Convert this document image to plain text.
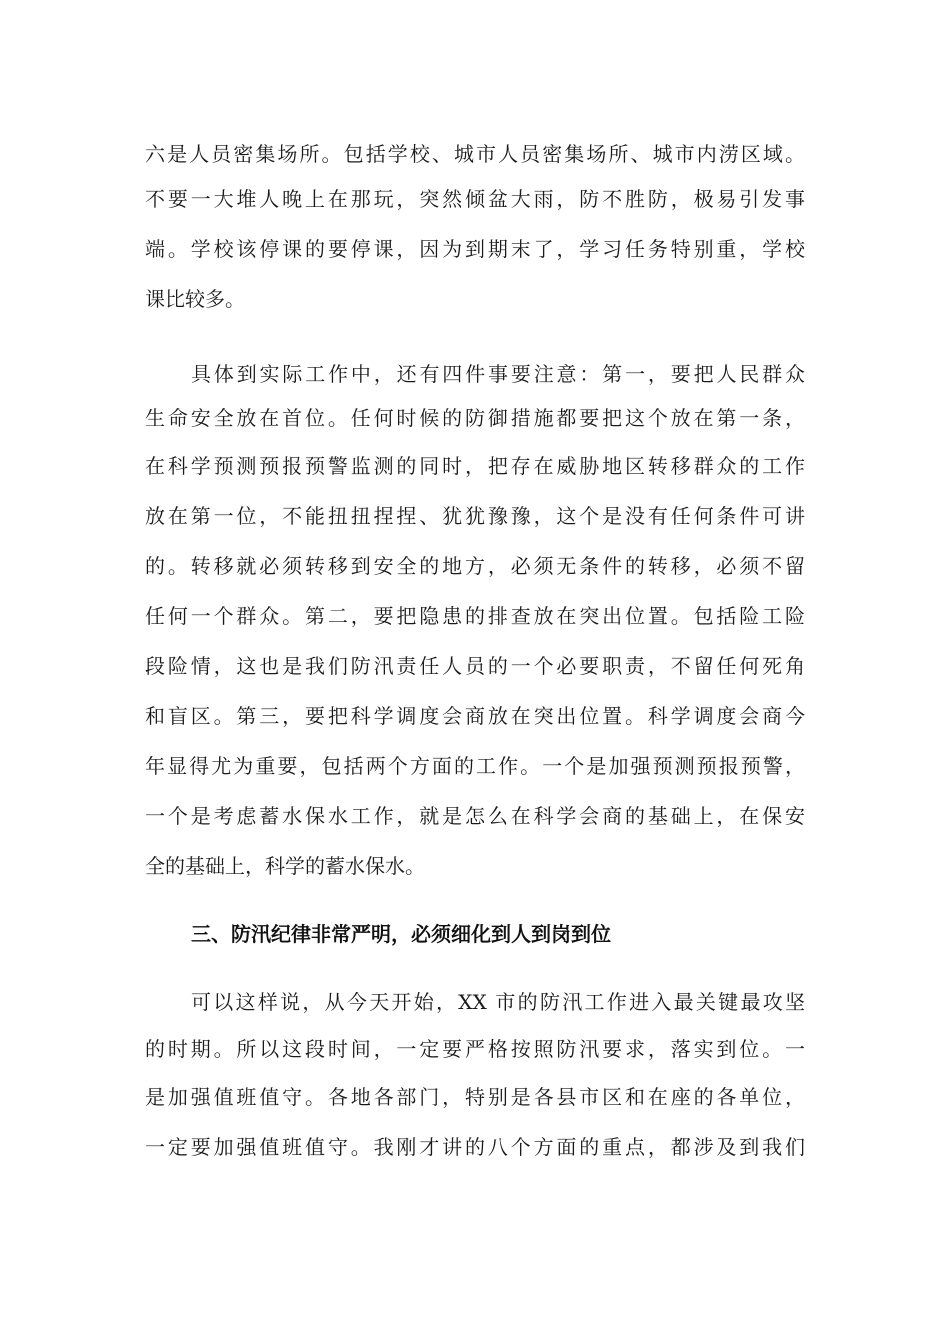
六是人员密集场所。包括学校、城市人员密集场所、城市内涝区域。
不要一大堆人晚上在那玩，突然倾盆大雨，防不胜防，极易引发事
端。学校该停课的要停课，因为到期末了，学习任务特别重，学校
课比较多。
具体到实际工作中，还有四件事要注意：第一，要把人民群众
生命安全放在首位。任何时候的防御措施都要把这个放在第一条，
在科学预测预报预警监测的同时，把存在威胁地区转移群众的工作
放在第一位，不能扭扭捏捏、犹犹豫豫，这个是没有任何条件可讲
的。转移就必须转移到安全的地方，必须无条件的转移，必须不留
任何一个群众。第二，要把隐患的排查放在突出位置。包括险工险
段险情，这也是我们防汛责任人员的一个必要职责，不留任何死角
和盲区。第三，要把科学调度会商放在突出位置。科学调度会商今
年显得尤为重要，包括两个方面的工作。一个是加强预测预报预警，
一个是考虑蓄水保水工作，就是怎么在科学会商的基础上，在保安
全的基础上，科学的蓄水保水。
三、防汛纪律非常严明，必须细化到人到岗到位
可以这样说，从今天开始，XX 市的防汛工作进入最关键最攻坚
的时期。所以这段时间，一定要严格按照防汛要求，落实到位。一
是加强值班值守。各地各部门，特别是各县市区和在座的各单位，
一定要加强值班值守。我刚才讲的八个方面的重点，都涉及到我们
